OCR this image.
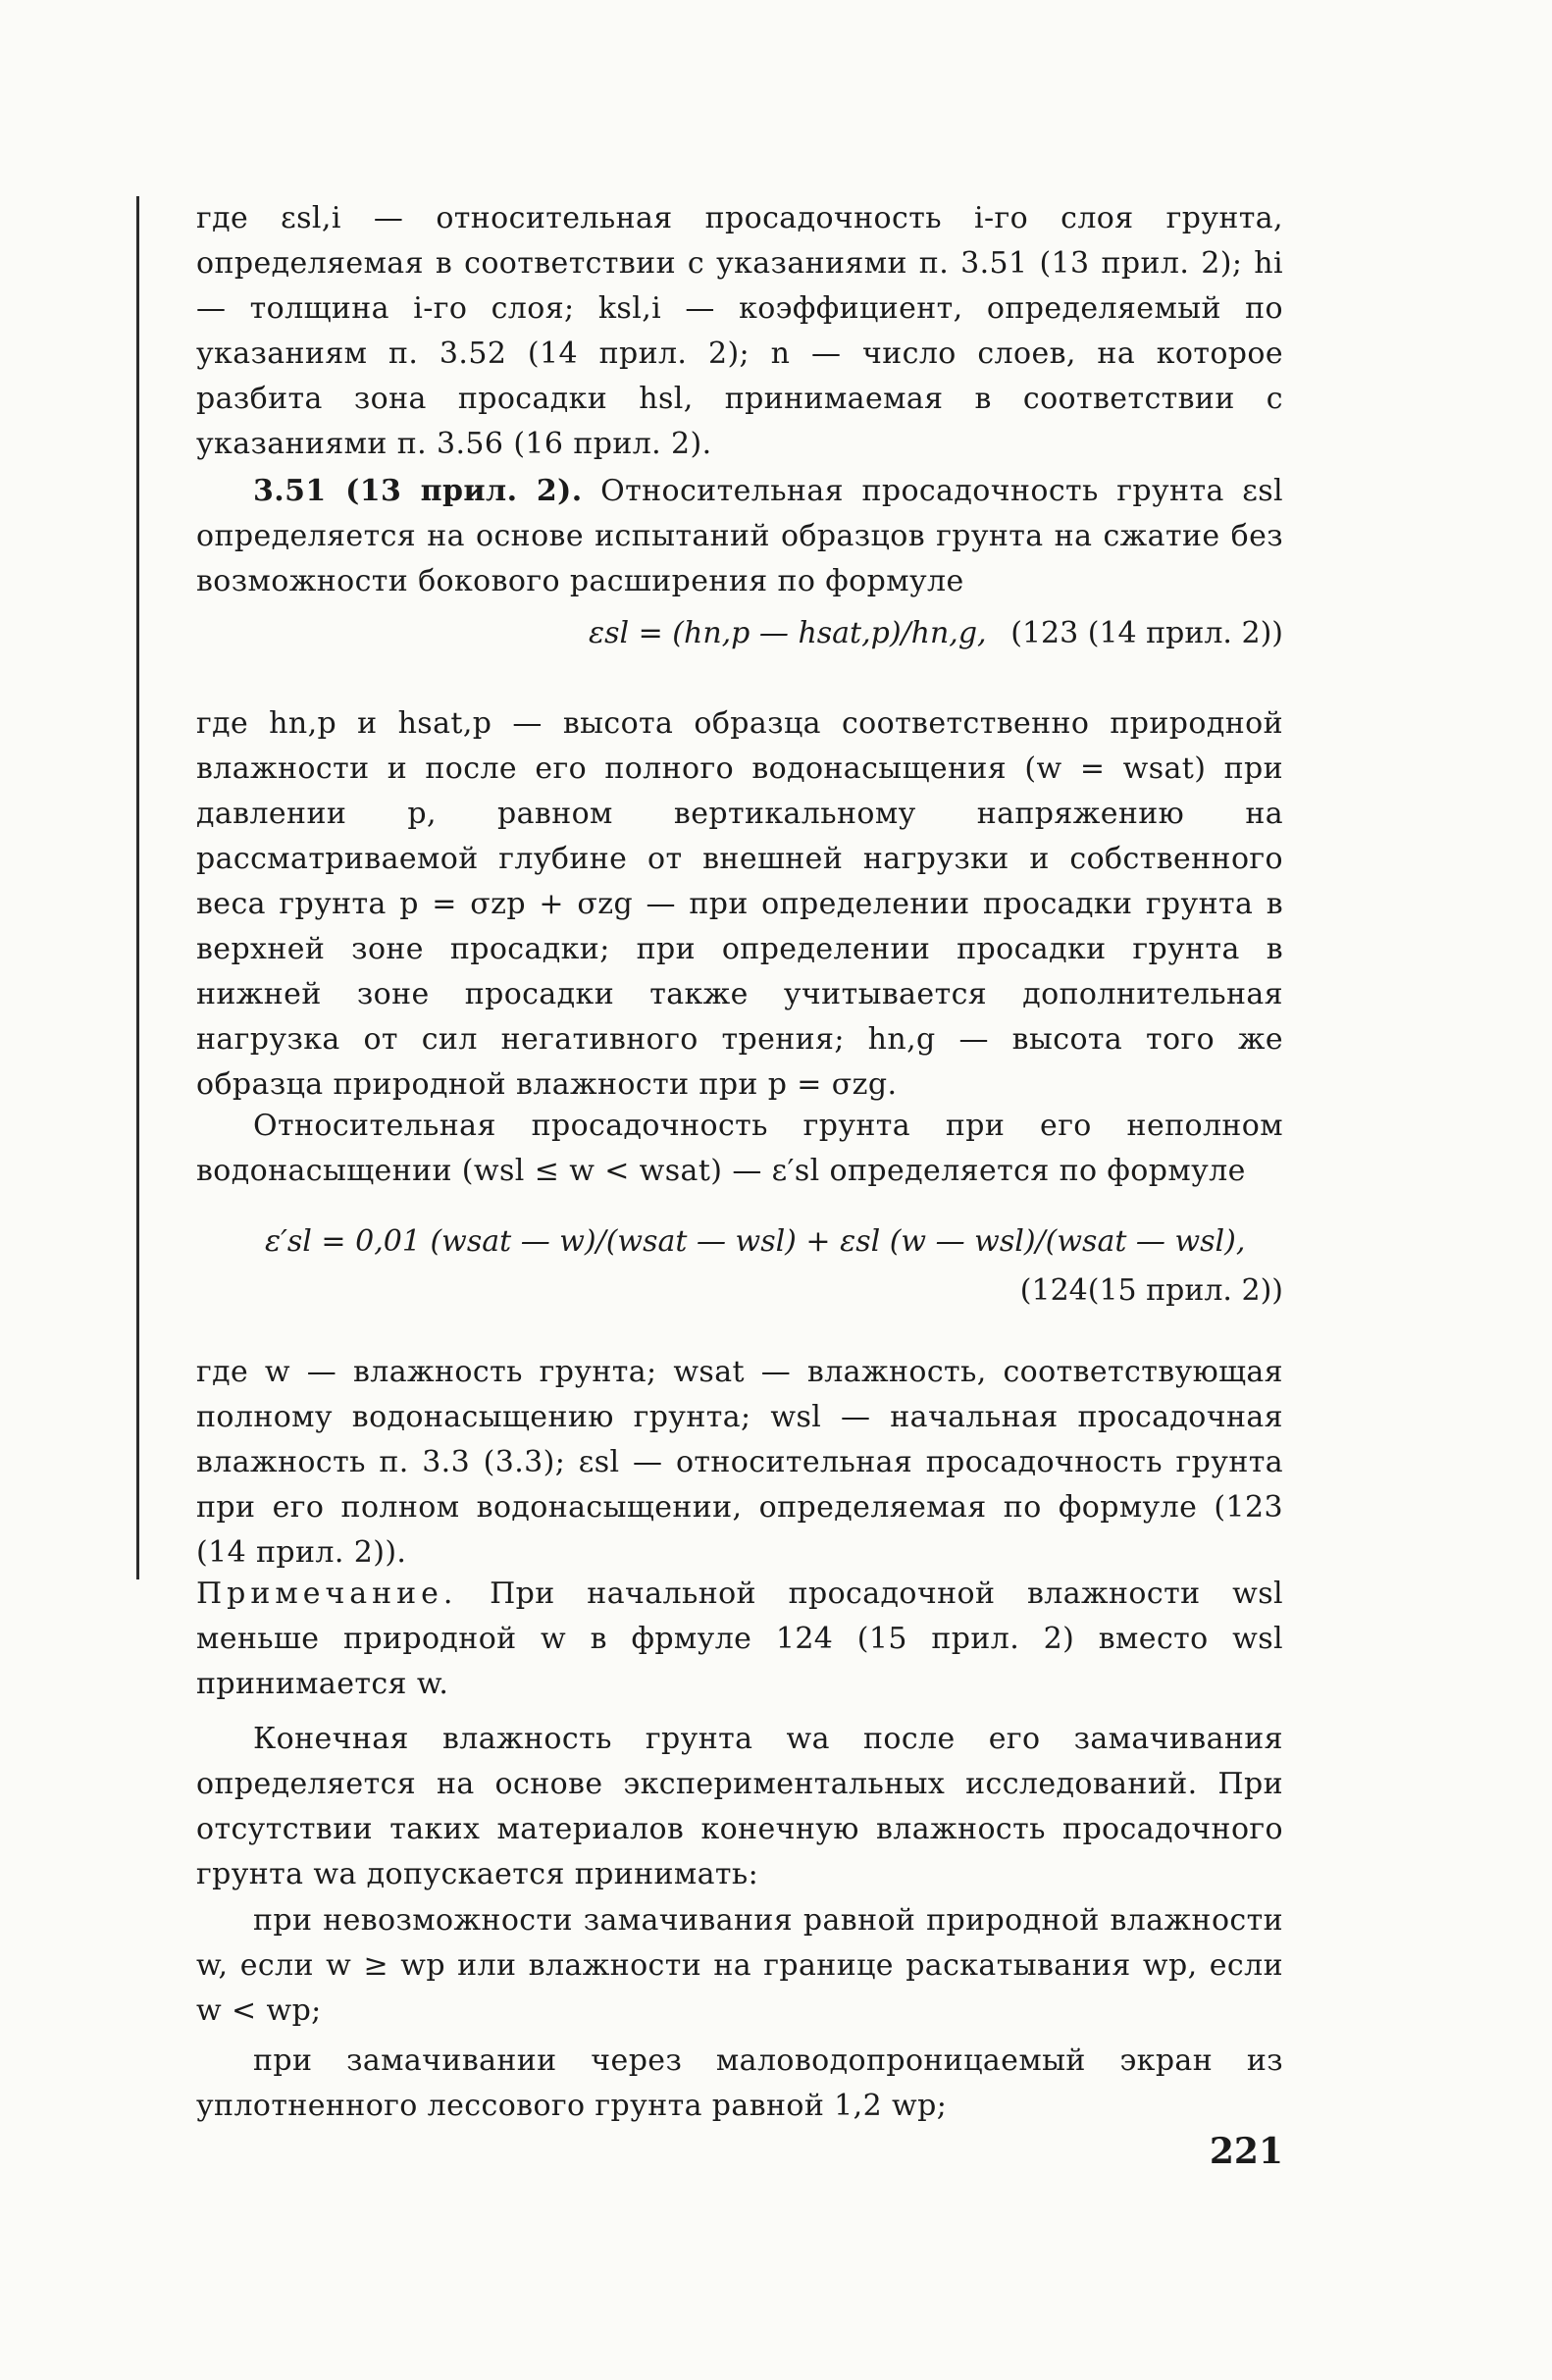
где εsl,i — относительная просадочность i-го слоя грунта, определяемая в соответствии с указаниями п. 3.51 (13 прил. 2); hi — толщина i-го слоя; ksl,i — коэффициент, определяемый по указаниям п. 3.52 (14 прил. 2); n — число слоев, на которое разбита зона просадки hsl, принимаемая в соответствии с указаниями п. 3.56 (16 прил. 2).

3.51 (13 прил. 2). Относительная просадочность грунта εsl определяется на основе испытаний образцов грунта на сжатие без возможности бокового расширения по формуле

εsl = (hn,p — hsat,p)/hn,g, (123 (14 прил. 2))

где hn,p и hsat,p — высота образца соответственно природной влажности и после его полного водонасыщения (w = wsat) при давлении p, равном вертикальному напряжению на рассматриваемой глубине от внешней нагрузки и собственного веса грунта p = σzp + σzg — при определении просадки грунта в верхней зоне просадки; при определении просадки грунта в нижней зоне просадки также учитывается дополнительная нагрузка от сил негативного трения; hn,g — высота того же образца природной влажности при p = σzg.

Относительная просадочность грунта при его неполном водонасыщении (wsl ≤ w < wsat) — ε′sl определяется по формуле

ε′sl = 0,01 (wsat — w)/(wsat — wsl) + εsl (w — wsl)/(wsat — wsl),
(124(15 прил. 2))

где w — влажность грунта; wsat — влажность, соответствующая полному водонасыщению грунта; wsl — начальная просадочная влажность п. 3.3 (3.3); εsl — относительная просадочность грунта при его полном водонасыщении, определяемая по формуле (123 (14 прил. 2)).

Примечание. При начальной просадочной влажности wsl меньше природной w в фрмуле 124 (15 прил. 2) вместо wsl принимается w.

Конечная влажность грунта wa после его замачивания определяется на основе экспериментальных исследований. При отсутствии таких материалов конечную влажность просадочного грунта wa допускается принимать:

при невозможности замачивания равной природной влажности w, если w ≥ wp или влажности на границе раскатывания wp, если w < wp;

при замачивании через маловодопроницаемый экран из уплотненного лессового грунта равной 1,2 wp;

221
